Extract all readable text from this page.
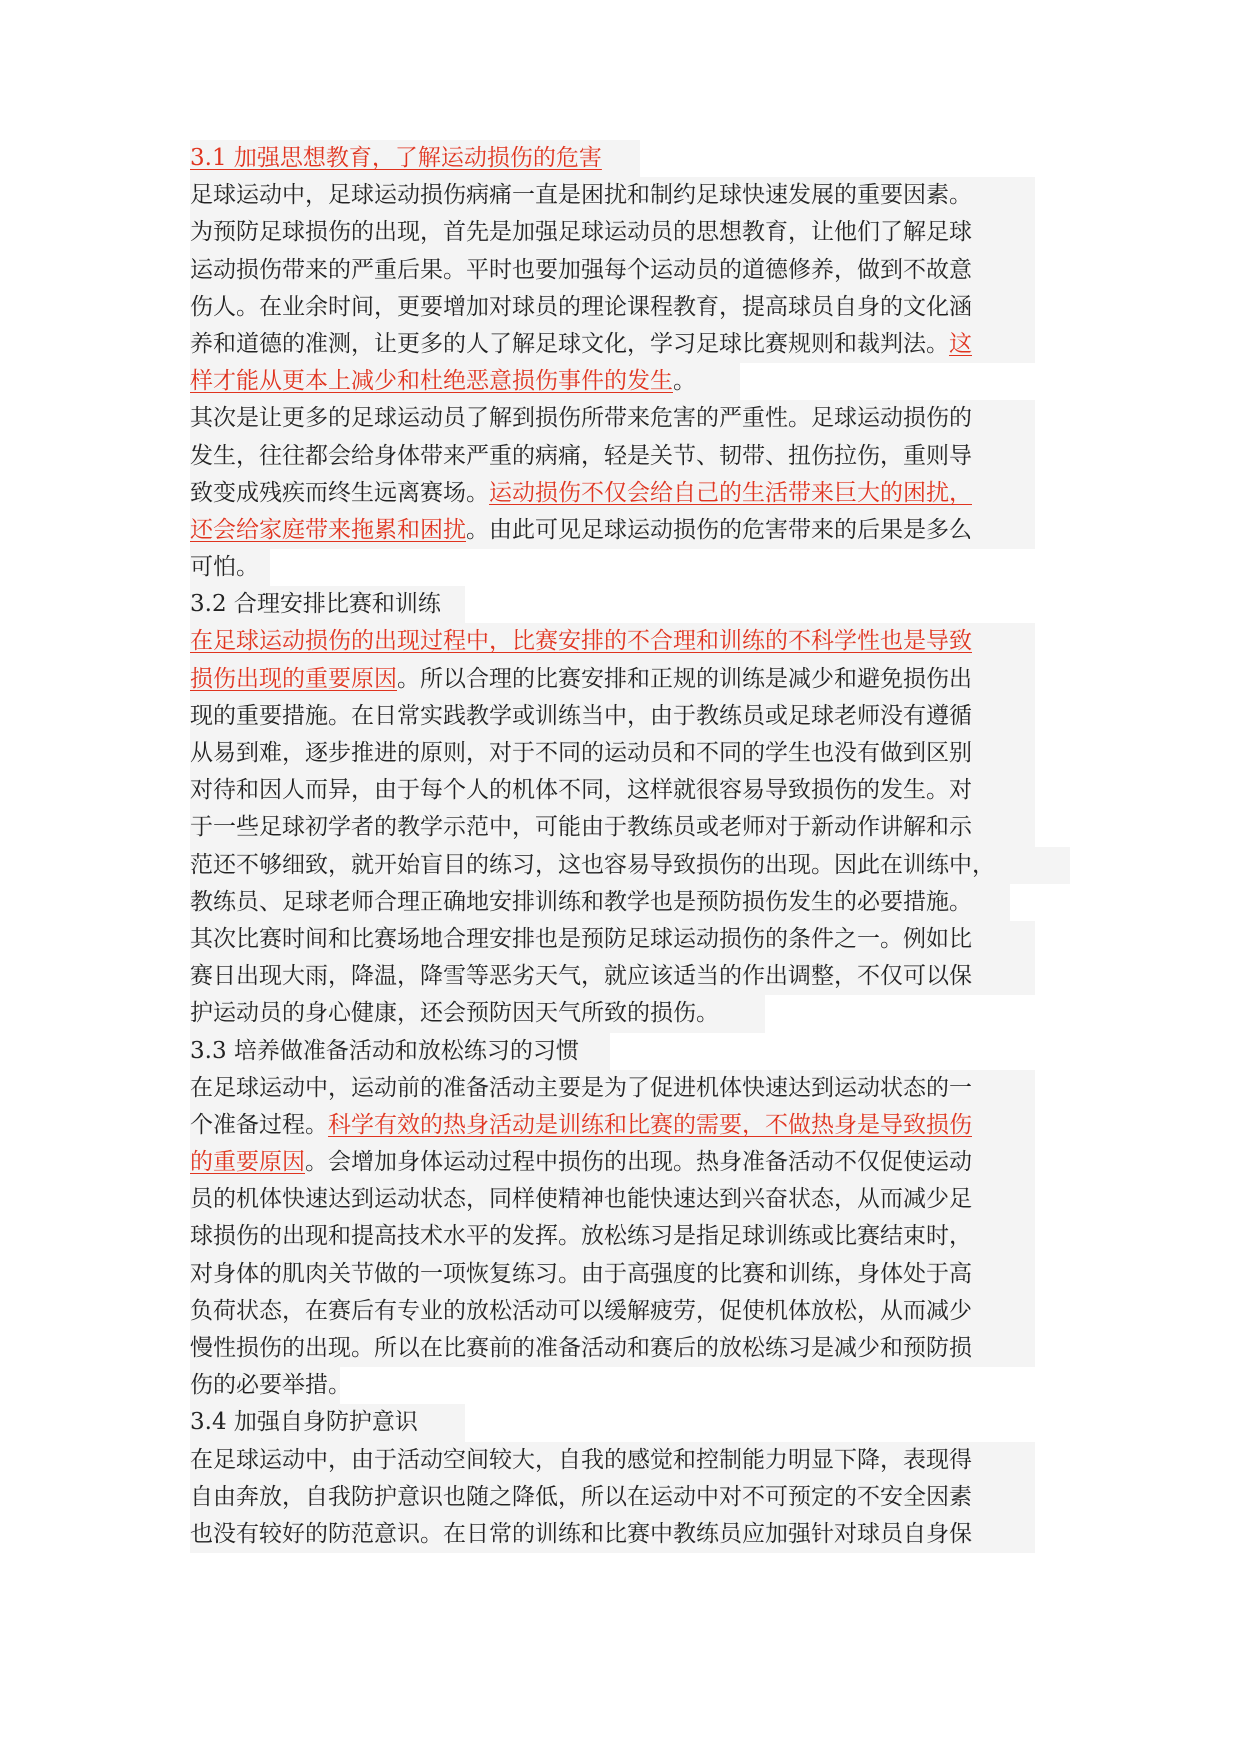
3.1 加强思想教育，了解运动损伤的危害
足球运动中，足球运动损伤病痛一直是困扰和制约足球快速发展的重要因素。
为预防足球损伤的出现，首先是加强足球运动员的思想教育，让他们了解足球
运动损伤带来的严重后果。平时也要加强每个运动员的道德修养，做到不故意
伤人。在业余时间，更要增加对球员的理论课程教育，提高球员自身的文化涵
养和道德的准测，让更多的人了解足球文化，学习足球比赛规则和裁判法。这
样才能从更本上减少和杜绝恶意损伤事件的发生。
其次是让更多的足球运动员了解到损伤所带来危害的严重性。足球运动损伤的
发生，往往都会给身体带来严重的病痛，轻是关节、韧带、扭伤拉伤，重则导
致变成残疾而终生远离赛场。运动损伤不仅会给自己的生活带来巨大的困扰，
还会给家庭带来拖累和困扰。由此可见足球运动损伤的危害带来的后果是多么
可怕。
3.2 合理安排比赛和训练
在足球运动损伤的出现过程中，比赛安排的不合理和训练的不科学性也是导致
损伤出现的重要原因。所以合理的比赛安排和正规的训练是减少和避免损伤出
现的重要措施。在日常实践教学或训练当中，由于教练员或足球老师没有遵循
从易到难，逐步推进的原则，对于不同的运动员和不同的学生也没有做到区别
对待和因人而异，由于每个人的机体不同，这样就很容易导致损伤的发生。对
于一些足球初学者的教学示范中，可能由于教练员或老师对于新动作讲解和示
范还不够细致，就开始盲目的练习，这也容易导致损伤的出现。因此在训练中，
教练员、足球老师合理正确地安排训练和教学也是预防损伤发生的必要措施。
其次比赛时间和比赛场地合理安排也是预防足球运动损伤的条件之一。例如比
赛日出现大雨，降温，降雪等恶劣天气，就应该适当的作出调整，不仅可以保
护运动员的身心健康，还会预防因天气所致的损伤。
3.3 培养做准备活动和放松练习的习惯
在足球运动中，运动前的准备活动主要是为了促进机体快速达到运动状态的一
个准备过程。科学有效的热身活动是训练和比赛的需要，不做热身是导致损伤
的重要原因。会增加身体运动过程中损伤的出现。热身准备活动不仅促使运动
员的机体快速达到运动状态，同样使精神也能快速达到兴奋状态，从而减少足
球损伤的出现和提高技术水平的发挥。放松练习是指足球训练或比赛结束时，
对身体的肌肉关节做的一项恢复练习。由于高强度的比赛和训练，身体处于高
负荷状态，在赛后有专业的放松活动可以缓解疲劳，促使机体放松，从而减少
慢性损伤的出现。所以在比赛前的准备活动和赛后的放松练习是减少和预防损
伤的必要举措。
3.4 加强自身防护意识
在足球运动中，由于活动空间较大，自我的感觉和控制能力明显下降，表现得
自由奔放，自我防护意识也随之降低，所以在运动中对不可预定的不安全因素
也没有较好的防范意识。在日常的训练和比赛中教练员应加强针对球员自身保
